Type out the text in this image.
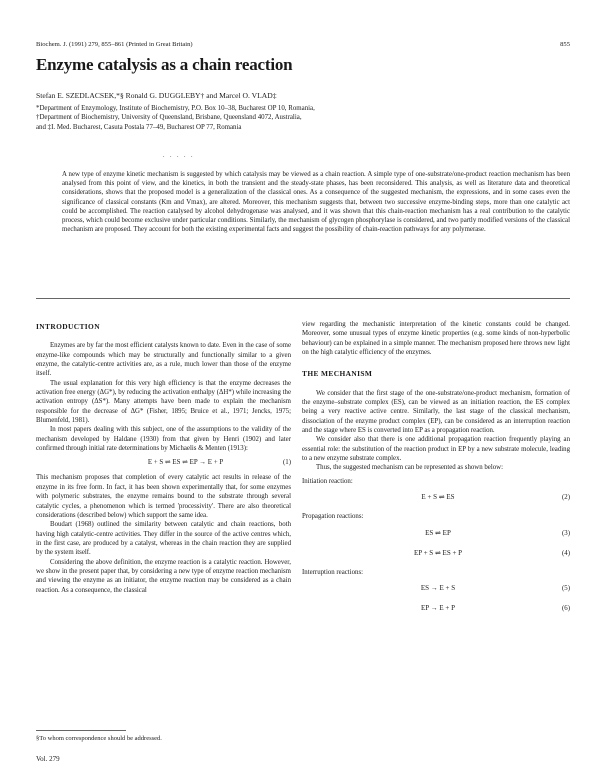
Biochem. J. (1991) 279, 855–861 (Printed in Great Britain)	855
Enzyme catalysis as a chain reaction
Stefan E. SZEDLACSEK,*§ Ronald G. DUGGLEBY† and Marcel O. VLAD‡

*Department of Enzymology, Institute of Biochemistry, P.O. Box 10–38, Bucharest OP 10, Romania,

†Department of Biochemistry, University of Queensland, Brisbane, Queensland 4072, Australia,

and ‡I. Med. Bucharest, Casuta Postala 77–49, Bucharest OP 77, Romania

. . . . .
A new type of enzyme kinetic mechanism is suggested by which catalysis may be viewed as a chain reaction. A simple type of one-substrate/one-product reaction mechanism has been analysed from this point of view, and the kinetics, in both the transient and the steady-state phases, has been reconsidered. This analysis, as well as literature data and theoretical considerations, shows that the proposed model is a generalization of the classical ones. As a consequence of the suggested mechanism, the expressions, and in some cases even the significance of classical constants (Km and Vmax), are altered. Moreover, this mechanism suggests that, between two successive enzyme-binding steps, more than one catalytic act could be accomplished. The reaction catalysed by alcohol dehydrogenase was analysed, and it was shown that this chain-reaction mechanism has a real contribution to the catalytic process, which could become exclusive under particular conditions. Similarly, the mechanism of glycogen phosphorylase is considered, and two partly modified versions of the classical mechanism are proposed. They account for both the existing experimental facts and suggest the possibility of chain-reaction pathways for any polymerase.
INTRODUCTION
Enzymes are by far the most efficient catalysts known to date. Even in the case of some enzyme-like compounds which may be structurally and functionally similar to a given enzyme, the catalytic-centre activities are, as a rule, much lower than those of the enzyme itself.
The usual explanation for this very high efficiency is that the enzyme decreases the activation free energy (ΔG*), by reducing the activation enthalpy (ΔH*) while increasing the activation entropy (ΔS*). Many attempts have been made to explain the mechanism responsible for the decrease of ΔG* (Fisher, 1895; Bruice et al., 1971; Jencks, 1975; Blumenfeld, 1981).
In most papers dealing with this subject, one of the assumptions to the validity of the mechanism developed by Haldane (1930) from that given by Henri (1902) and later confirmed through initial rate determinations by Michaelis & Menten (1913):
E + S ⇌ ES ⇌ EP → E + P	(1)
This mechanism proposes that completion of every catalytic act results in release of the enzyme in its free form. In fact, it has been shown experimentally that, for some enzymes with polymeric substrates, the enzyme remains bound to the substrate through several catalytic cycles, a phenomenon which is termed 'processivity'. There are also theoretical considerations (described below) which support the same idea.
Boudart (1968) outlined the similarity between catalytic and chain reactions, both having high catalytic-centre activities. They differ in the source of the active centres which, in the first case, are produced by a catalyst, whereas in the chain reaction they are supplied by the system itself.
Considering the above definition, the enzyme reaction is a catalytic reaction. However, we show in the present paper that, by considering a new type of enzyme reaction mechanism and viewing the enzyme as an initiator, the enzyme reaction may be considered as a chain reaction. As a consequence, the classical
view regarding the mechanistic interpretation of the kinetic constants could be changed. Moreover, some unusual types of enzyme kinetic properties (e.g. some kinds of non-hyperbolic behaviour) can be explained in a simple manner. The mechanism proposed here throws new light on the high catalytic efficiency of the enzymes.
THE MECHANISM
We consider that the first stage of the one-substrate/one-product mechanism, formation of the enzyme–substrate complex (ES), can be viewed as an initiation reaction, the ES complex being a very reactive active centre. Similarly, the last stage of the classical mechanism, dissociation of the enzyme product complex (EP), can be considered as an interruption reaction and the stage where ES is converted into EP as a propagation reaction.
We consider also that there is one additional propagation reaction frequently playing an essential role: the substitution of the reaction product in EP by a new substrate molecule, leading to a new enzyme substrate complex.
Thus, the suggested mechanism can be represented as shown below:
Initiation reaction:
E + S ⇌ ES	(2)
Propagation reactions:
ES ⇌ EP	(3)
EP + S ⇌ ES + P	(4)
Interruption reactions:
ES → E + S	(5)
EP → E + P	(6)
§To whom correspondence should be addressed.
Vol. 279
